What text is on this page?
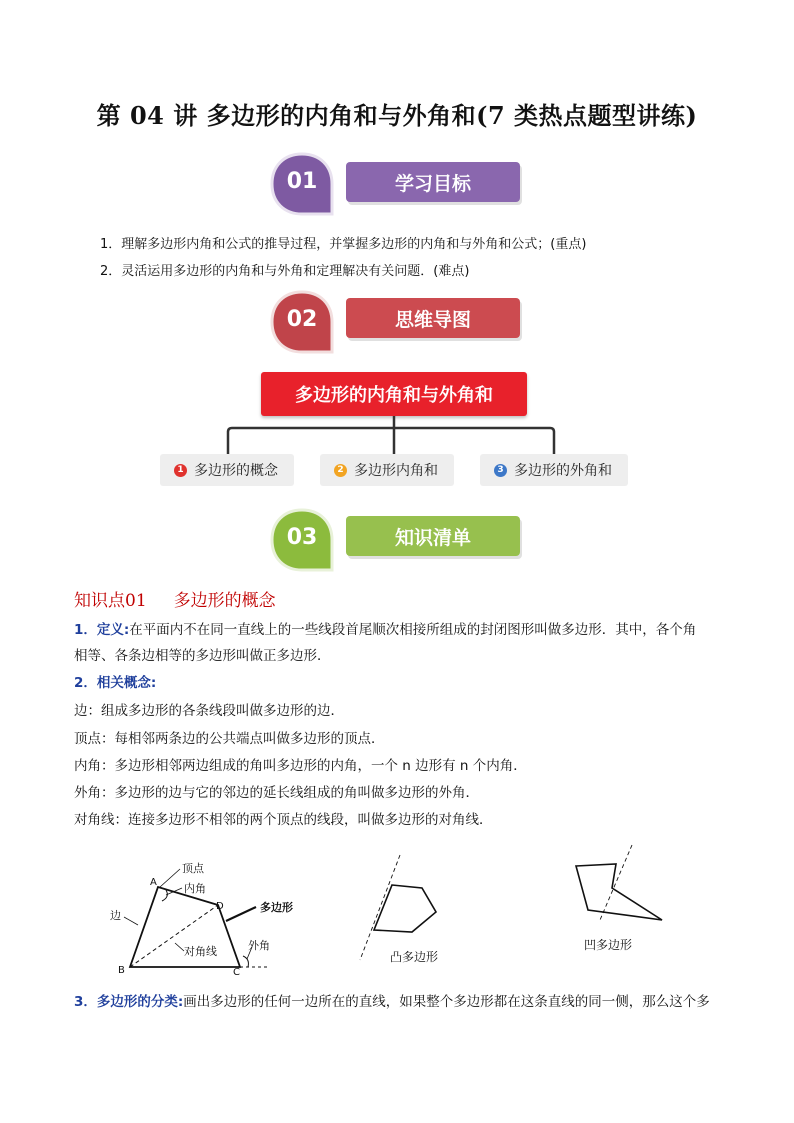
第 04 讲 多边形的内角和与外角和(7 类热点题型讲练)
01	学习目标
1．理解多边形内角和公式的推导过程，并掌握多边形的内角和与外角和公式；(重点)
2．灵活运用多边形的内角和与外角和定理解决有关问题．(难点)
02	思维导图
多边形的内角和与外角和
1 多边形的概念	2 多边形内角和	3 多边形的外角和
03	知识清单
知识点01     多边形的概念
1．定义:在平面内不在同一直线上的一些线段首尾顺次相接所组成的封闭图形叫做多边形．其中，各个角
相等、各条边相等的多边形叫做正多边形．
2．相关概念:
边：组成多边形的各条线段叫做多边形的边．
顶点：每相邻两条边的公共端点叫做多边形的顶点．
内角：多边形相邻两边组成的角叫多边形的内角，一个 n 边形有 n 个内角．
外角：多边形的边与它的邻边的延长线组成的角叫做多边形的外角．
对角线：连接多边形不相邻的两个顶点的线段，叫做多边形的对角线．
顶点
内角
边
多边形
对角线	外角
A
B	C
D
凸多边形
凹多边形
3．多边形的分类:画出多边形的任何一边所在的直线，如果整个多边形都在这条直线的同一侧，那么这个多
